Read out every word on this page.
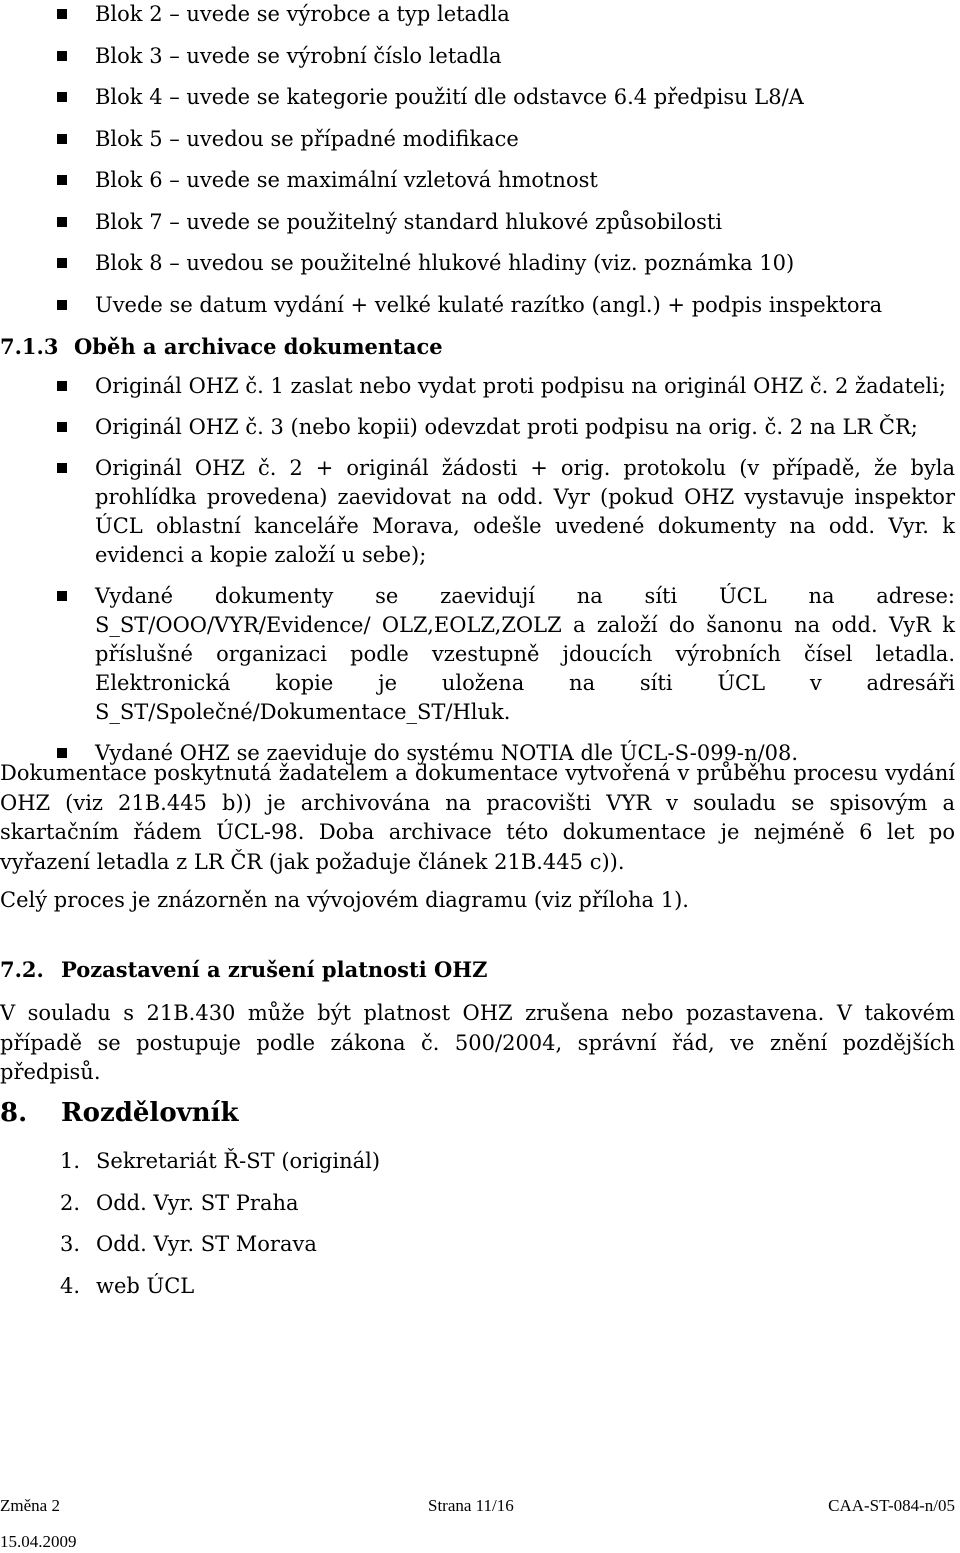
Blok 2 – uvede se výrobce a typ letadla
Blok 3 – uvede se výrobní číslo letadla
Blok 4 – uvede se kategorie použití dle odstavce 6.4 předpisu L8/A
Blok 5 – uvedou se případné modifikace
Blok 6 – uvede se maximální vzletová hmotnost
Blok 7 – uvede se použitelný standard hlukové způsobilosti
Blok 8 – uvedou se použitelné hlukové hladiny (viz. poznámka 10)
Uvede se datum vydání + velké kulaté razítko (angl.) + podpis inspektora
7.1.3 Oběh a archivace dokumentace
Originál OHZ č. 1 zaslat nebo vydat proti podpisu na originál OHZ č. 2 žadateli;
Originál OHZ č. 3 (nebo kopii) odevzdat proti podpisu na orig. č. 2 na LR ČR;
Originál OHZ č. 2 + originál žádosti + orig. protokolu (v případě, že byla prohlídka provedena) zaevidovat na odd. Vyr (pokud OHZ vystavuje inspektor ÚCL oblastní kanceláře Morava, odešle uvedené dokumenty na odd. Vyr. k evidenci a kopie založí u sebe);
Vydané dokumenty se zaevidují na síti ÚCL na adrese: S_ST/OOO/VYR/Evidence/ OLZ,EOLZ,ZOLZ a založí do šanonu na odd. VyR k příslušné organizaci podle vzestupně jdoucích výrobních čísel letadla. Elektronická kopie je uložena na síti ÚCL v adresáři S_ST/Společné/Dokumentace_ST/Hluk.
Vydané OHZ se zaeviduje do systému NOTIA dle ÚCL-S-099-n/08.

Dokumentace poskytnutá žadatelem a dokumentace vytvořená v průběhu procesu vydání OHZ (viz 21B.445 b)) je archivována na pracovišti VYR v souladu se spisovým a skartačním řádem ÚCL-98. Doba archivace této dokumentace je nejméně 6 let po vyřazení letadla z LR ČR (jak požaduje článek 21B.445 c)).

Celý proces je znázorněn na vývojovém diagramu (viz příloha 1).

7.2. Pozastavení a zrušení platnosti OHZ

V souladu s 21B.430 může být platnost OHZ zrušena nebo pozastavena. V takovém případě se postupuje podle zákona č. 500/2004, správní řád, ve znění pozdějších předpisů.

8. Rozdělovník
1. Sekretariát Ř-ST (originál)
2. Odd. Vyr. ST Praha
3. Odd. Vyr. ST Morava
4. web ÚCL
Změna 2	Strana 11/16	CAA-ST-084-n/05
15.04.2009
